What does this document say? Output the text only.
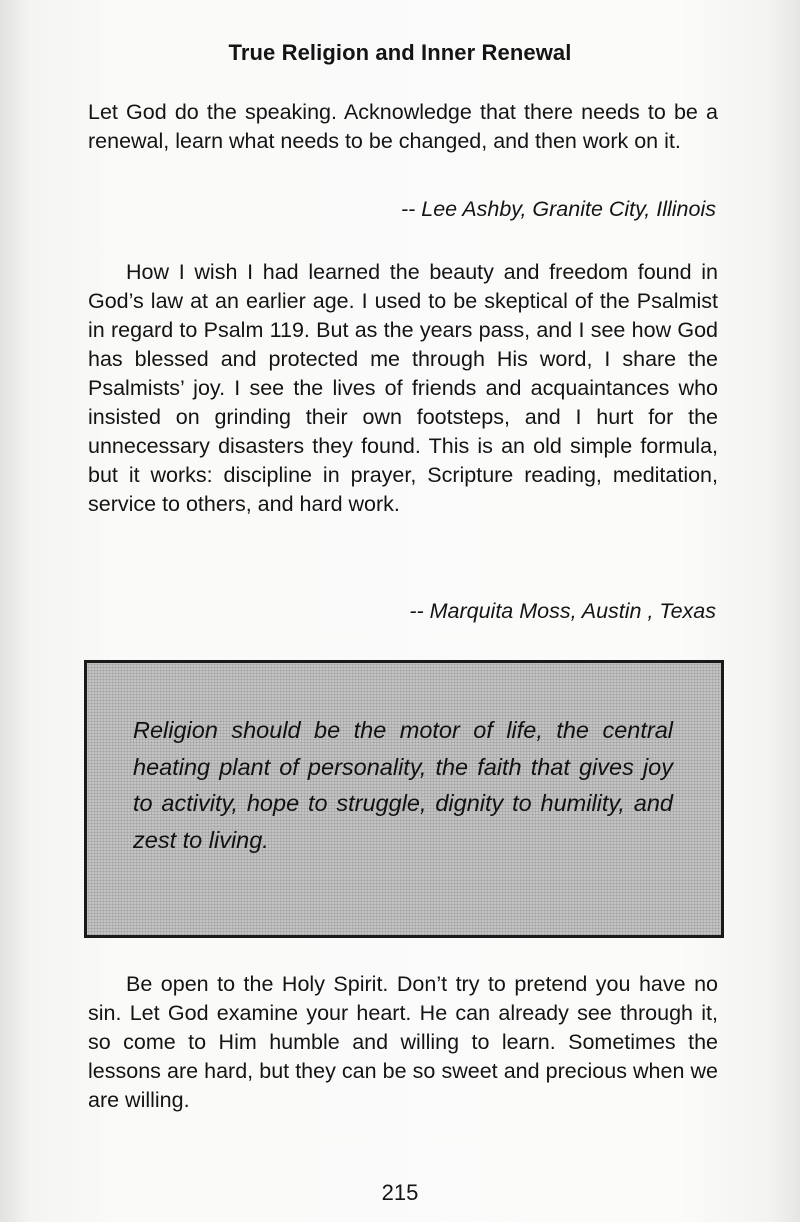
True Religion and Inner Renewal

Let God do the speaking. Acknowledge that there needs to be a renewal, learn what needs to be changed, and then work on it.

-- Lee Ashby, Granite City, Illinois

How I wish I had learned the beauty and freedom found in God’s law at an earlier age. I used to be skeptical of the Psalmist in regard to Psalm 119. But as the years pass, and I see how God has blessed and protected me through His word, I share the Psalmists’ joy. I see the lives of friends and acquaintances who insisted on grinding their own footsteps, and I hurt for the unnecessary disasters they found. This is an old simple formula, but it works: discipline in prayer, Scripture reading, meditation, service to others, and hard work.

-- Marquita Moss, Austin , Texas
Religion should be the motor of life, the central heating plant of personality, the faith that gives joy to activity, hope to struggle, dignity to humility, and zest to living.

Be open to the Holy Spirit. Don’t try to pretend you have no sin. Let God examine your heart. He can already see through it, so come to Him humble and willing to learn. Sometimes the lessons are hard, but they can be so sweet and precious when we are willing.

215
